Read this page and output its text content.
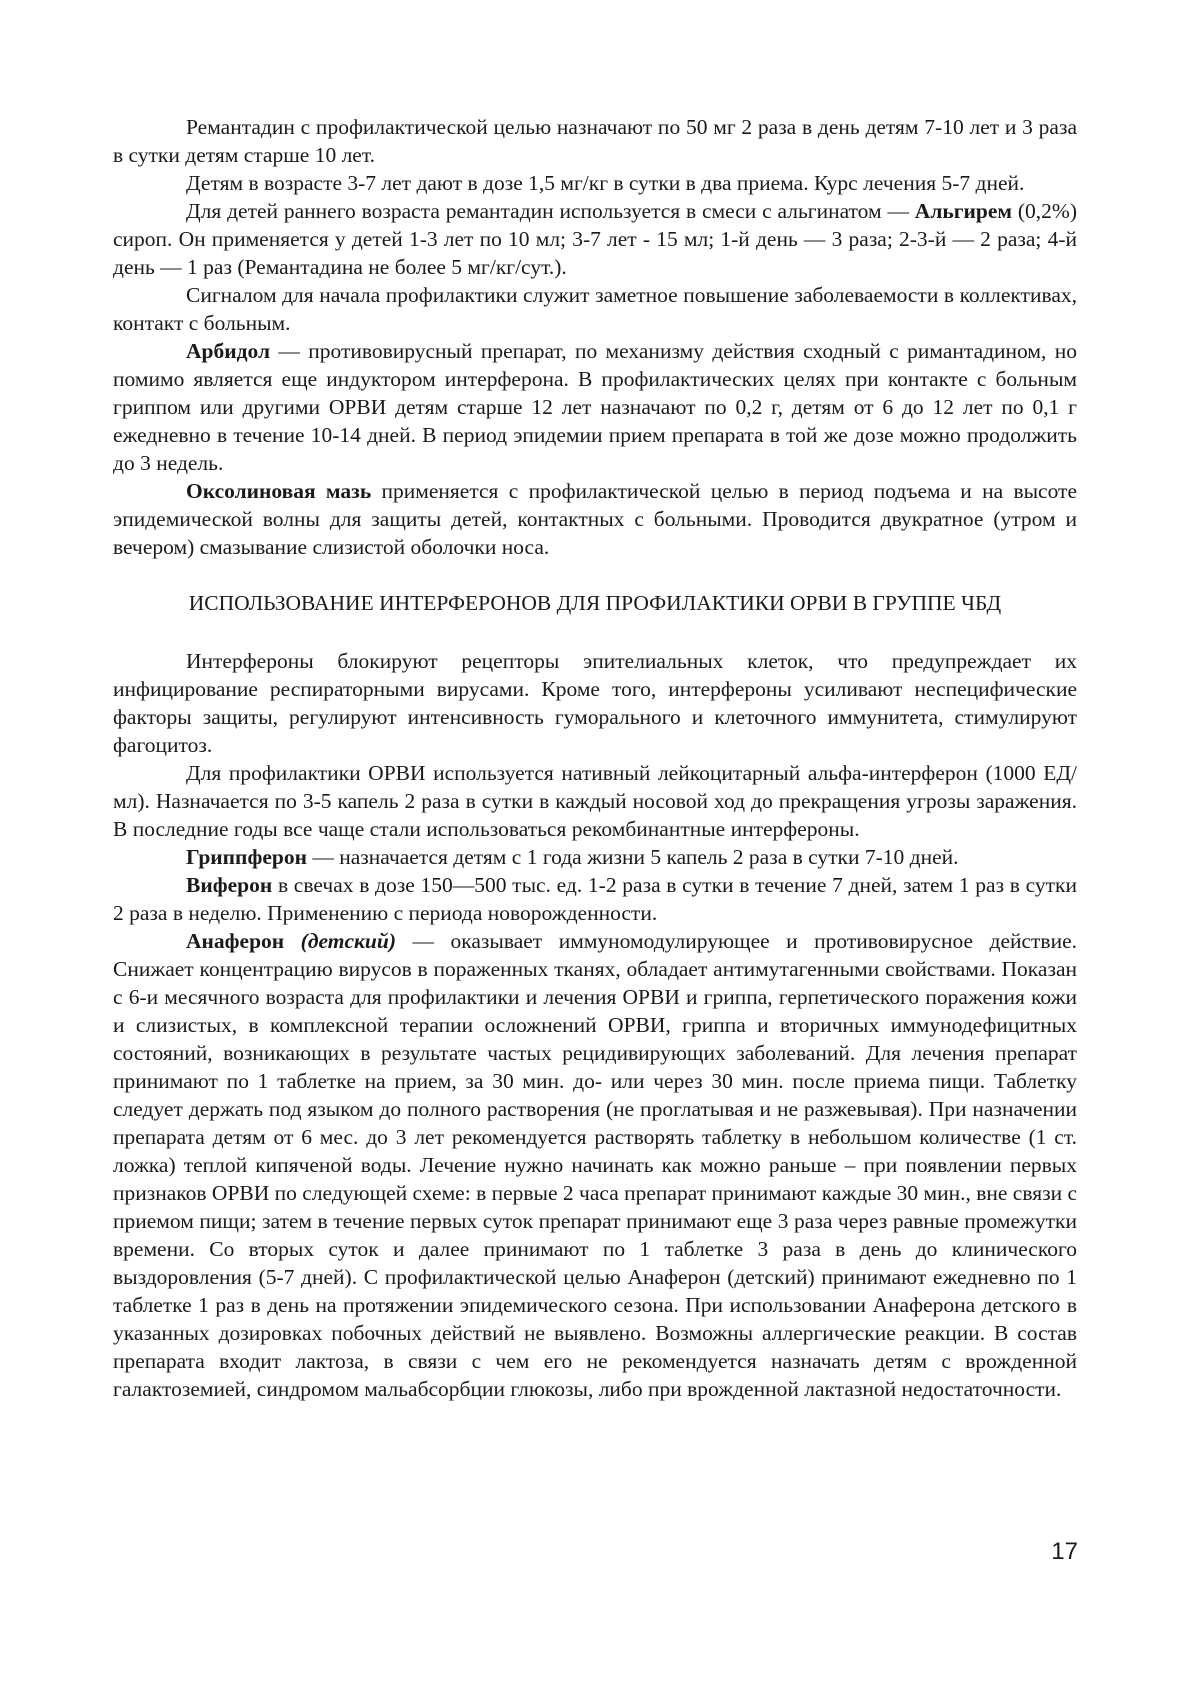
Ремантадин с профилактической целью назначают по 50 мг 2 раза в день детям 7-10 лет и 3 раза в сутки детям старше 10 лет.

Детям в возрасте 3-7 лет дают в дозе 1,5 мг/кг в сутки в два приема. Курс лечения 5-7 дней.

Для детей раннего возраста ремантадин используется в смеси с альгинатом — Альгирем (0,2%) сироп. Он применяется у детей 1-3 лет по 10 мл; 3-7 лет - 15 мл; 1-й день — 3 раза; 2-3-й — 2 раза; 4-й день — 1 раз (Ремантадина не более 5 мг/кг/сут.).

Сигналом для начала профилактики служит заметное повышение заболеваемости в коллективах, контакт с больным.

Арбидол — противовирусный препарат, по механизму действия сходный с римантадином, но помимо является еще индуктором интерферона. В профилактических целях при контакте с больным гриппом или другими ОРВИ детям старше 12 лет назначают по 0,2 г, детям от 6 до 12 лет по 0,1 г ежедневно в течение 10-14 дней. В период эпидемии прием препарата в той же дозе можно продолжить до 3 недель.

Оксолиновая мазь применяется с профилактической целью в период подъема и на высоте эпидемической волны для защиты детей, контактных с больными. Проводится двукратное (утром и вечером) смазывание слизистой оболочки носа.

ИСПОЛЬЗОВАНИЕ ИНТЕРФЕРОНОВ ДЛЯ ПРОФИЛАКТИКИ ОРВИ В ГРУППЕ ЧБД

Интерфероны блокируют рецепторы эпителиальных клеток, что предупреждает их инфицирование респираторными вирусами. Кроме того, интерфероны усиливают неспецифические факторы защиты, регулируют интенсивность гуморального и клеточного иммунитета, стимулируют фагоцитоз.

Для профилактики ОРВИ используется нативный лейкоцитарный альфа-интерферон (1000 ЕД/мл). Назначается по 3-5 капель 2 раза в сутки в каждый носовой ход до прекращения угрозы заражения. В последние годы все чаще стали использоваться рекомбинантные интерфероны.

Гриппферон — назначается детям с 1 года жизни 5 капель 2 раза в сутки 7-10 дней.

Виферон в свечах в дозе 150—500 тыс. ед. 1-2 раза в сутки в течение 7 дней, затем 1 раз в сутки 2 раза в неделю. Применению с периода новорожденности.

Анаферон (детский) — оказывает иммуномодулирующее и противовирусное действие. Снижает концентрацию вирусов в пораженных тканях, обладает антимутагенными свойствами. Показан с 6-и месячного возраста для профилактики и лечения ОРВИ и гриппа, герпетического поражения кожи и слизистых, в комплексной терапии осложнений ОРВИ, гриппа и вторичных иммунодефицитных состояний, возникающих в результате частых рецидивирующих заболеваний. Для лечения препарат принимают по 1 таблетке на прием, за 30 мин. до- или через 30 мин. после приема пищи. Таблетку следует держать под языком до полного растворения (не проглатывая и не разжевывая). При назначении препарата детям от 6 мес. до 3 лет рекомендуется растворять таблетку в небольшом количестве (1 ст. ложка) теплой кипяченой воды. Лечение нужно начинать как можно раньше – при появлении первых признаков ОРВИ по следующей схеме: в первые 2 часа препарат принимают каждые 30 мин., вне связи с приемом пищи; затем в течение первых суток препарат принимают еще 3 раза через равные промежутки времени. Со вторых суток и далее принимают по 1 таблетке 3 раза в день до клинического выздоровления (5-7 дней). С профилактической целью Анаферон (детский) принимают ежедневно по 1 таблетке 1 раз в день на протяжении эпидемического сезона. При использовании Анаферона детского в указанных дозировках побочных действий не выявлено. Возможны аллергические реакции. В состав препарата входит лактоза, в связи с чем его не рекомендуется назначать детям с врожденной галактоземией, синдромом мальабсорбции глюкозы, либо при врожденной лактазной недостаточности.

17
